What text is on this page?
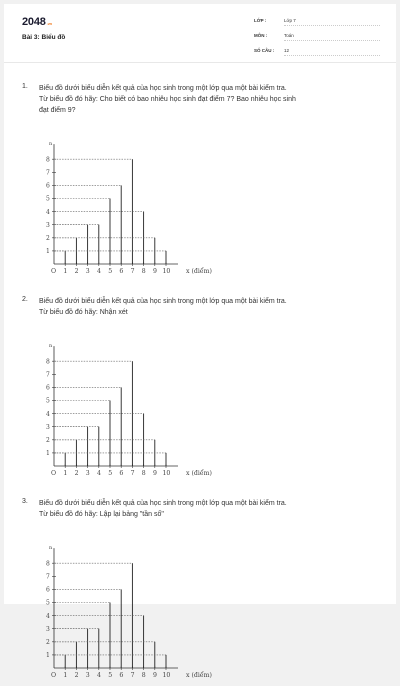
2048.vn
Bài 3: Biểu đồ
LỚP :	Lớp 7
MÔN :	Toán
SỐ CÂU : 12
1. Biểu đồ dưới biểu diễn kết quả của học sinh trong một lớp qua một bài kiểm tra.
Từ biểu đồ đó hãy: Cho biết có bao nhiêu học sinh đạt điểm 7? Bao nhiêu học sinh
đạt điểm 9?
n
x (điểm)
O
1
2
3
4
5
6
7
8
1 2 3 4 5 6 7 8 9 10
2. Biểu đồ dưới biểu diễn kết quả của học sinh trong một lớp qua một bài kiểm tra.
Từ biểu đồ đó hãy: Nhận xét
n
x (điểm)
O
1
2
3
4
5
6
7
8
1 2 3 4 5 6 7 8 9 10
3. Biểu đồ dưới biểu diễn kết quả của học sinh trong một lớp qua một bài kiểm tra.
Từ biểu đồ đó hãy: Lập lại bảng "tần số"
n
x (điểm)
O
1
2
3
4
5
6
7
8
1 2 3 4 5 6 7 8 9 10
